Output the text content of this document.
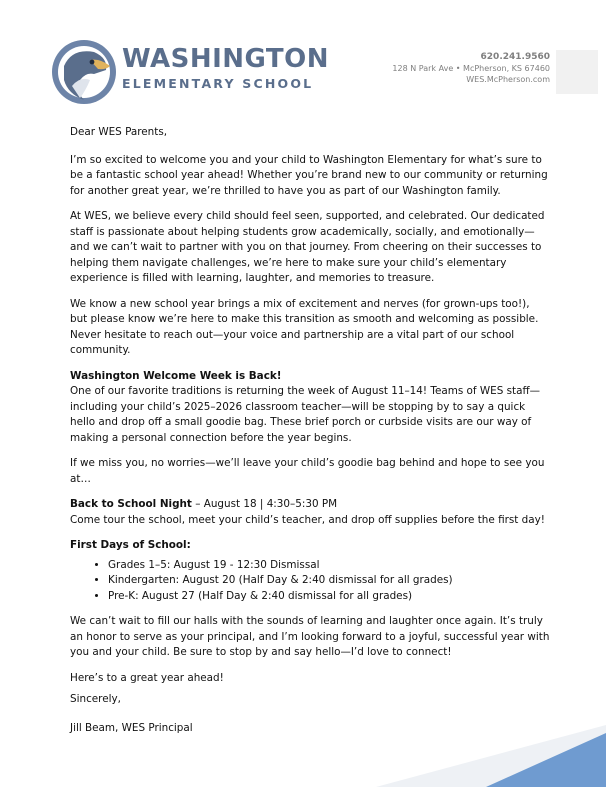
WASHINGTON
ELEMENTARY SCHOOL
620.241.9560
128 N Park Ave • McPherson, KS 67460
WES.McPherson.com

Dear WES Parents,

I’m so excited to welcome you and your child to Washington Elementary for what’s sure to be a fantastic school year ahead! Whether you’re brand new to our community or returning for another great year, we’re thrilled to have you as part of our Washington family.

At WES, we believe every child should feel seen, supported, and celebrated. Our dedicated staff is passionate about helping students grow academically, socially, and emotionally—and we can’t wait to partner with you on that journey. From cheering on their successes to helping them navigate challenges, we’re here to make sure your child’s elementary experience is filled with learning, laughter, and memories to treasure.

We know a new school year brings a mix of excitement and nerves (for grown-ups too!), but please know we’re here to make this transition as smooth and welcoming as possible. Never hesitate to reach out—your voice and partnership are a vital part of our school community.

Washington Welcome Week is Back!

One of our favorite traditions is returning the week of August 11–14! Teams of WES staff—including your child’s 2025–2026 classroom teacher—will be stopping by to say a quick hello and drop off a small goodie bag. These brief porch or curbside visits are our way of making a personal connection before the year begins.

If we miss you, no worries—we’ll leave your child’s goodie bag behind and hope to see you at…

Back to School Night – August 18 | 4:30–5:30 PM

Come tour the school, meet your child’s teacher, and drop off supplies before the first day!

First Days of School:
• Grades 1–5: August 19 - 12:30 Dismissal
• Kindergarten: August 20 (Half Day & 2:40 dismissal for all grades)
• Pre-K: August 27 (Half Day & 2:40 dismissal for all grades)

We can’t wait to fill our halls with the sounds of learning and laughter once again. It’s truly an honor to serve as your principal, and I’m looking forward to a joyful, successful year with you and your child. Be sure to stop by and say hello—I’d love to connect!

Here’s to a great year ahead!

Sincerely,
Jill Beam, WES Principal
